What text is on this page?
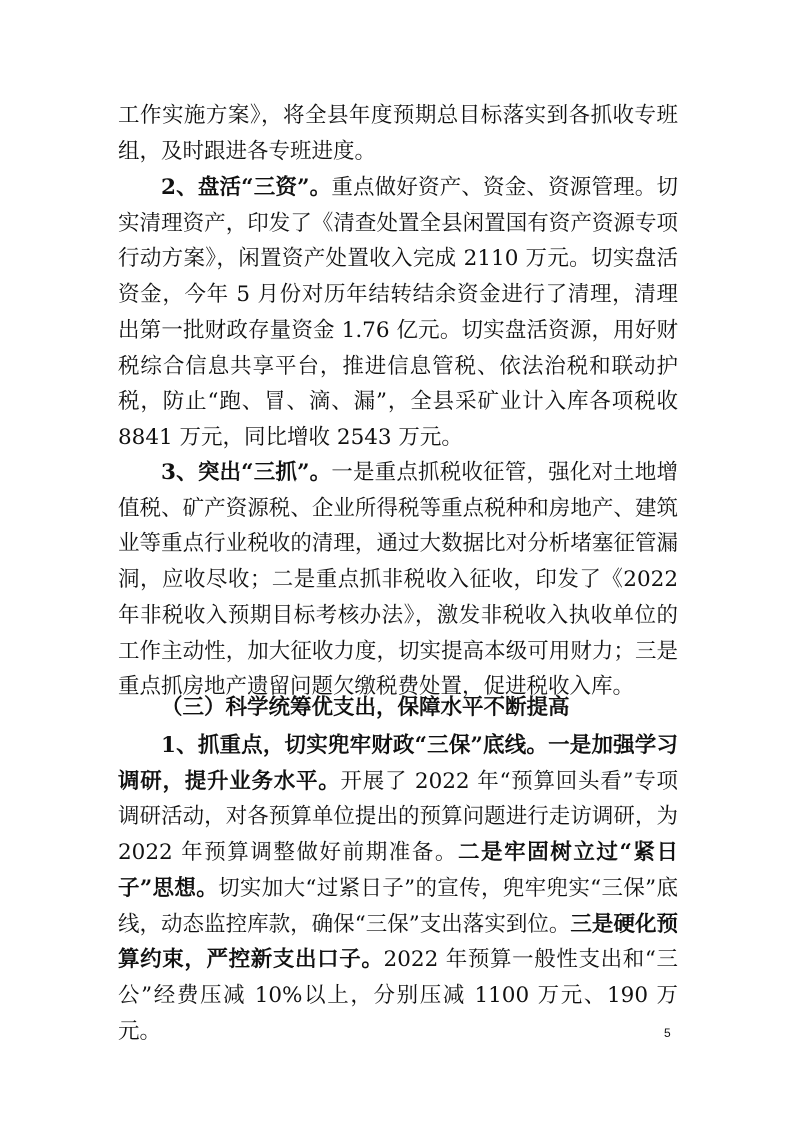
工作实施方案》，将全县年度预期总目标落实到各抓收专班组，及时跟进各专班进度。

2、盘活“三资”。重点做好资产、资金、资源管理。切实清理资产，印发了《清查处置全县闲置国有资产资源专项行动方案》，闲置资产处置收入完成 2110 万元。切实盘活资金，今年 5 月份对历年结转结余资金进行了清理，清理出第一批财政存量资金 1.76 亿元。切实盘活资源，用好财税综合信息共享平台，推进信息管税、依法治税和联动护税，防止“跑、冒、滴、漏”，全县采矿业计入库各项税收 8841 万元，同比增收 2543 万元。

3、突出“三抓”。一是重点抓税收征管，强化对土地增值税、矿产资源税、企业所得税等重点税种和房地产、建筑业等重点行业税收的清理，通过大数据比对分析堵塞征管漏洞，应收尽收；二是重点抓非税收入征收，印发了《2022 年非税收入预期目标考核办法》，激发非税收入执收单位的工作主动性，加大征收力度，切实提高本级可用财力；三是重点抓房地产遗留问题欠缴税费处置，促进税收入库。

（三）科学统筹优支出，保障水平不断提高

1、抓重点，切实兜牢财政“三保”底线。一是加强学习调研，提升业务水平。开展了 2022 年“预算回头看”专项调研活动，对各预算单位提出的预算问题进行走访调研，为 2022 年预算调整做好前期准备。二是牢固树立过“紧日子”思想。切实加大“过紧日子”的宣传，兜牢兜实“三保”底线，动态监控库款，确保“三保”支出落实到位。三是硬化预算约束，严控新支出口子。2022 年预算一般性支出和“三公”经费压减 10%以上，分别压减 1100 万元、190 万元。	5
